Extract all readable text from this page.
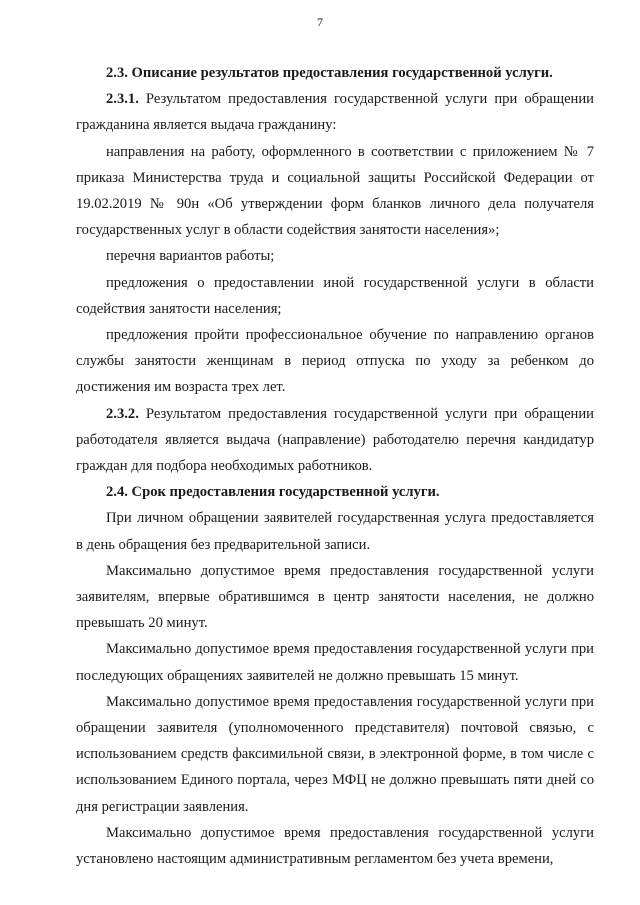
7

2.3. Описание результатов предоставления государственной услуги.

2.3.1. Результатом предоставления государственной услуги при обращении гражданина является выдача гражданину:

направления на работу, оформленного в соответствии с приложением № 7 приказа Министерства труда и социальной защиты Российской Федерации от 19.02.2019 № 90н «Об утверждении форм бланков личного дела получателя государственных услуг в области содействия занятости населения»;

перечня вариантов работы;

предложения о предоставлении иной государственной услуги в области содействия занятости населения;

предложения пройти профессиональное обучение по направлению органов службы занятости женщинам в период отпуска по уходу за ребенком до достижения им возраста трех лет.

2.3.2. Результатом предоставления государственной услуги при обращении работодателя является выдача (направление) работодателю перечня кандидатур граждан для подбора необходимых работников.

2.4. Срок предоставления государственной услуги.

При личном обращении заявителей государственная услуга предоставляется в день обращения без предварительной записи.

Максимально допустимое время предоставления государственной услуги заявителям, впервые обратившимся в центр занятости населения, не должно превышать 20 минут.

Максимально допустимое время предоставления государственной услуги при последующих обращениях заявителей не должно превышать 15 минут.

Максимально допустимое время предоставления государственной услуги при обращении заявителя (уполномоченного представителя) почтовой связью, с использованием средств факсимильной связи, в электронной форме, в том числе с использованием Единого портала, через МФЦ не должно превышать пяти дней со дня регистрации заявления.

Максимально допустимое время предоставления государственной услуги установлено настоящим административным регламентом без учета времени,
